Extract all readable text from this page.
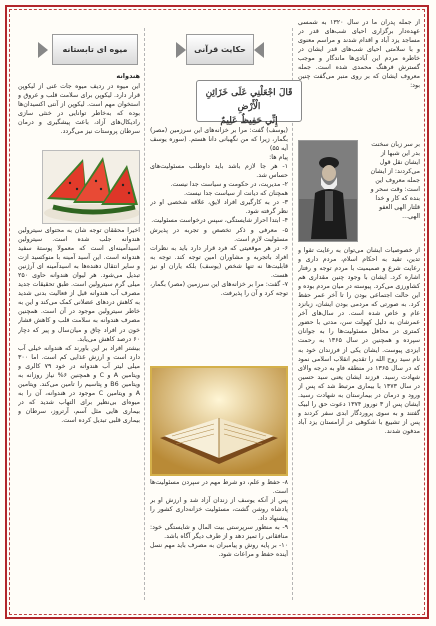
میوه ای تابستانه
هندوانه
این میوه در ردیف میوه جات غنی از لیکوپن قرار دارد. لیکوپن برای سلامت قلب و عروق و استخوان مهم است. لیکوپن از آنتی اکسیدان‌ها بوده که به‌خاطر توانایی در خنثی سازی رادیکال‌های آزاد، باعث پیشگیری و درمان سرطان پروستات نیز می‌گردد.
اخیرا محققان توجه شان به محتوای سیترولین هندوانه جلب شده است. سیترولین اسیدآمینه‌ای است که معمولا پوستهٔ سفید هندوانه است. این آسید آمینه با منوکسید ازت و سایر انتقال دهنده‌ها به اسیدآمینه ای آرژنین تبدیل می‌شود. هر لیوان هندوانه حاوی ۲۵۰ میلی گرم سیترولین است. طبق تحقیقات جدید مصرف آب هندوانه قبل از فعالیت بدنی شدید به کاهش دردهای عضلانی کمک می‌کند و این به خاطر سیترولین موجود در آن است. همچنین مصرف هندوانه به سلامت قلب و کاهش فشار خون در افراد چاق و میان‌سال و پیر که دچار ۶۰ درصد کاهش می‌یابد.
بیشتر افراد بر این باورند که هندوانه خیلی آب دارد است و ارزش غذایی کم است. اما ۳۰۰ میلی لیتر آب هندوانه در خود ۷۹ کالری و ویتامین A و C و همچنین ۶% نیاز روزانه به ویتامین B6 و پتاسیم را تامین می‌کند. ویتامین A و ویتامین C موجود در هندوانه، آن را به میوه‌ای بی‌نظیر برای التهاب شدید که در بیماری هایی مثل آسم، آرتروز، سرطان و بیماری قلبی تبدیل کرده است.
حکایت قرآنی
قَالَ اجْعَلْنِي عَلَى خَزَائِنِ الْأَرْضِ
إِنِّي حَفِيظٌ عَلِيمٌ
(یوسف) گفت: مرا بر خزانه‌های این سرزمین (مصر) بگمار، زیرا که من نگهبانی دانا هستم. (سوره یوسف آیه ۵۵)
پیام ها:
۱- هر جا لازم باشد باید داوطلب مسئولیت‌های حساس شد.
۲- مدیریت، در حکومت و سیاست جدا نیست.
همچنان که دیانت از سیاست جدا نیست.
۳- در به کارگیری افراد لایق، علاقه شخصی او در نظر گرفته شود.
۴- ابتدا احراز شایستگی، سپس درخواست مسئولیت.
۵- معرفی و ذکر تخصص و تجربه در پذیرش مسئولیت لازم است.
۶- در هر موقعیتی که فرد قرار دارد باید به نظرات افراد باتجربه و مشاوران امین توجه کند. توجه به قابلیت‌ها نه تنها شخص (یوسف) بلکه یاران او نیز هست.
۷- گفت: مرا بر خزانه‌های این سرزمین (مصر) بگمار، توجه کرد و آن را پذیرفت.
۸- حفظ و علم، دو شرط مهم در سپردن مسئولیت‌ها است.
پس از آنکه یوسف از زندان آزاد شد و ارزش او بر پادشاه روشن گشت، مسئولیت خزانه‌داری کشور را پیشنهاد داد.
۹- به منظور سرپرستی بیت المال و شایستگی خود: منافقانی را تمیز دهد و از طرف دیگر آگاه باشد.
۱۰- بر پایه روش و پیامبران به مصرف باید مهم نسل آینده حفظ و مراعات شود.
از جمله پدران ما در سال ۱۳۲۰ به شمسی عهده‌دار برگزاری احیای شب‌های قدر در مساجد یزد آباد و اقدام شدند و مراسم معنوی و با سلامتی احیای شب‌های قدر ایشان در خاطره مردم این آبادی‌ها ماندگار و موجب گسترش فرهنگ محمدی شده است. جمله معروف ایشان که بر روی منبر می‌گفت چنین بود:
بر سر زبان سخنت
بدر این شبها از
ایشان نقل قول
می‌کردند: از ایشان
جمله معروف این است: وقت سحر و
بنده که کار و خدا
قلتار الهی العفو الهی...
از خصوصیات ایشان می‌توان به رعایت تقوا و تدین، تقید به احکام اسلام، مردم داری و رعایت شرع و صمیمیت با مردم توجه و رفتار اشاره کرد. ایشان با وجود چنین مقداری هم کشاورزی می‌کرد. پیوسته در میان مردم بوده و این حالت اجتماعی بودن را تا آخر عمر حفظ کرد. به صورتی که مردمی بودن ایشان، زبانزد عام و خاص شده است. در سال‌های آخر عمرشان به دلیل کهولت سن، مدتی با حضور کمتری در محافل مسئولیت‌ها را به جوانان سپرده و همچنین در سال ۱۳۶۵ به رحمت ایزدی پیوست. ایشان یکی از فرزندان خود به نام سید روح الله را تقدیم انقلاب اسلامی نمود که در سال ۱۳۶۵ در منطقه فاو به درجه والای شهادت رسید. فرزند ایشان یعنی سید حسین در سال ۱۳۷۳ با بیماری مرتبط شد که پس از ورود و درمان در بیمارستان به شهادت رسید. ایشان پس از ۳ نوروز ۱۳۷۴ دعوت حق را لبیک گفتند و به سوی پروردگار ابدی سفر کردند و پس از تشییع با شکوهی در آرامستان یزد آباد مدفون شدند.
